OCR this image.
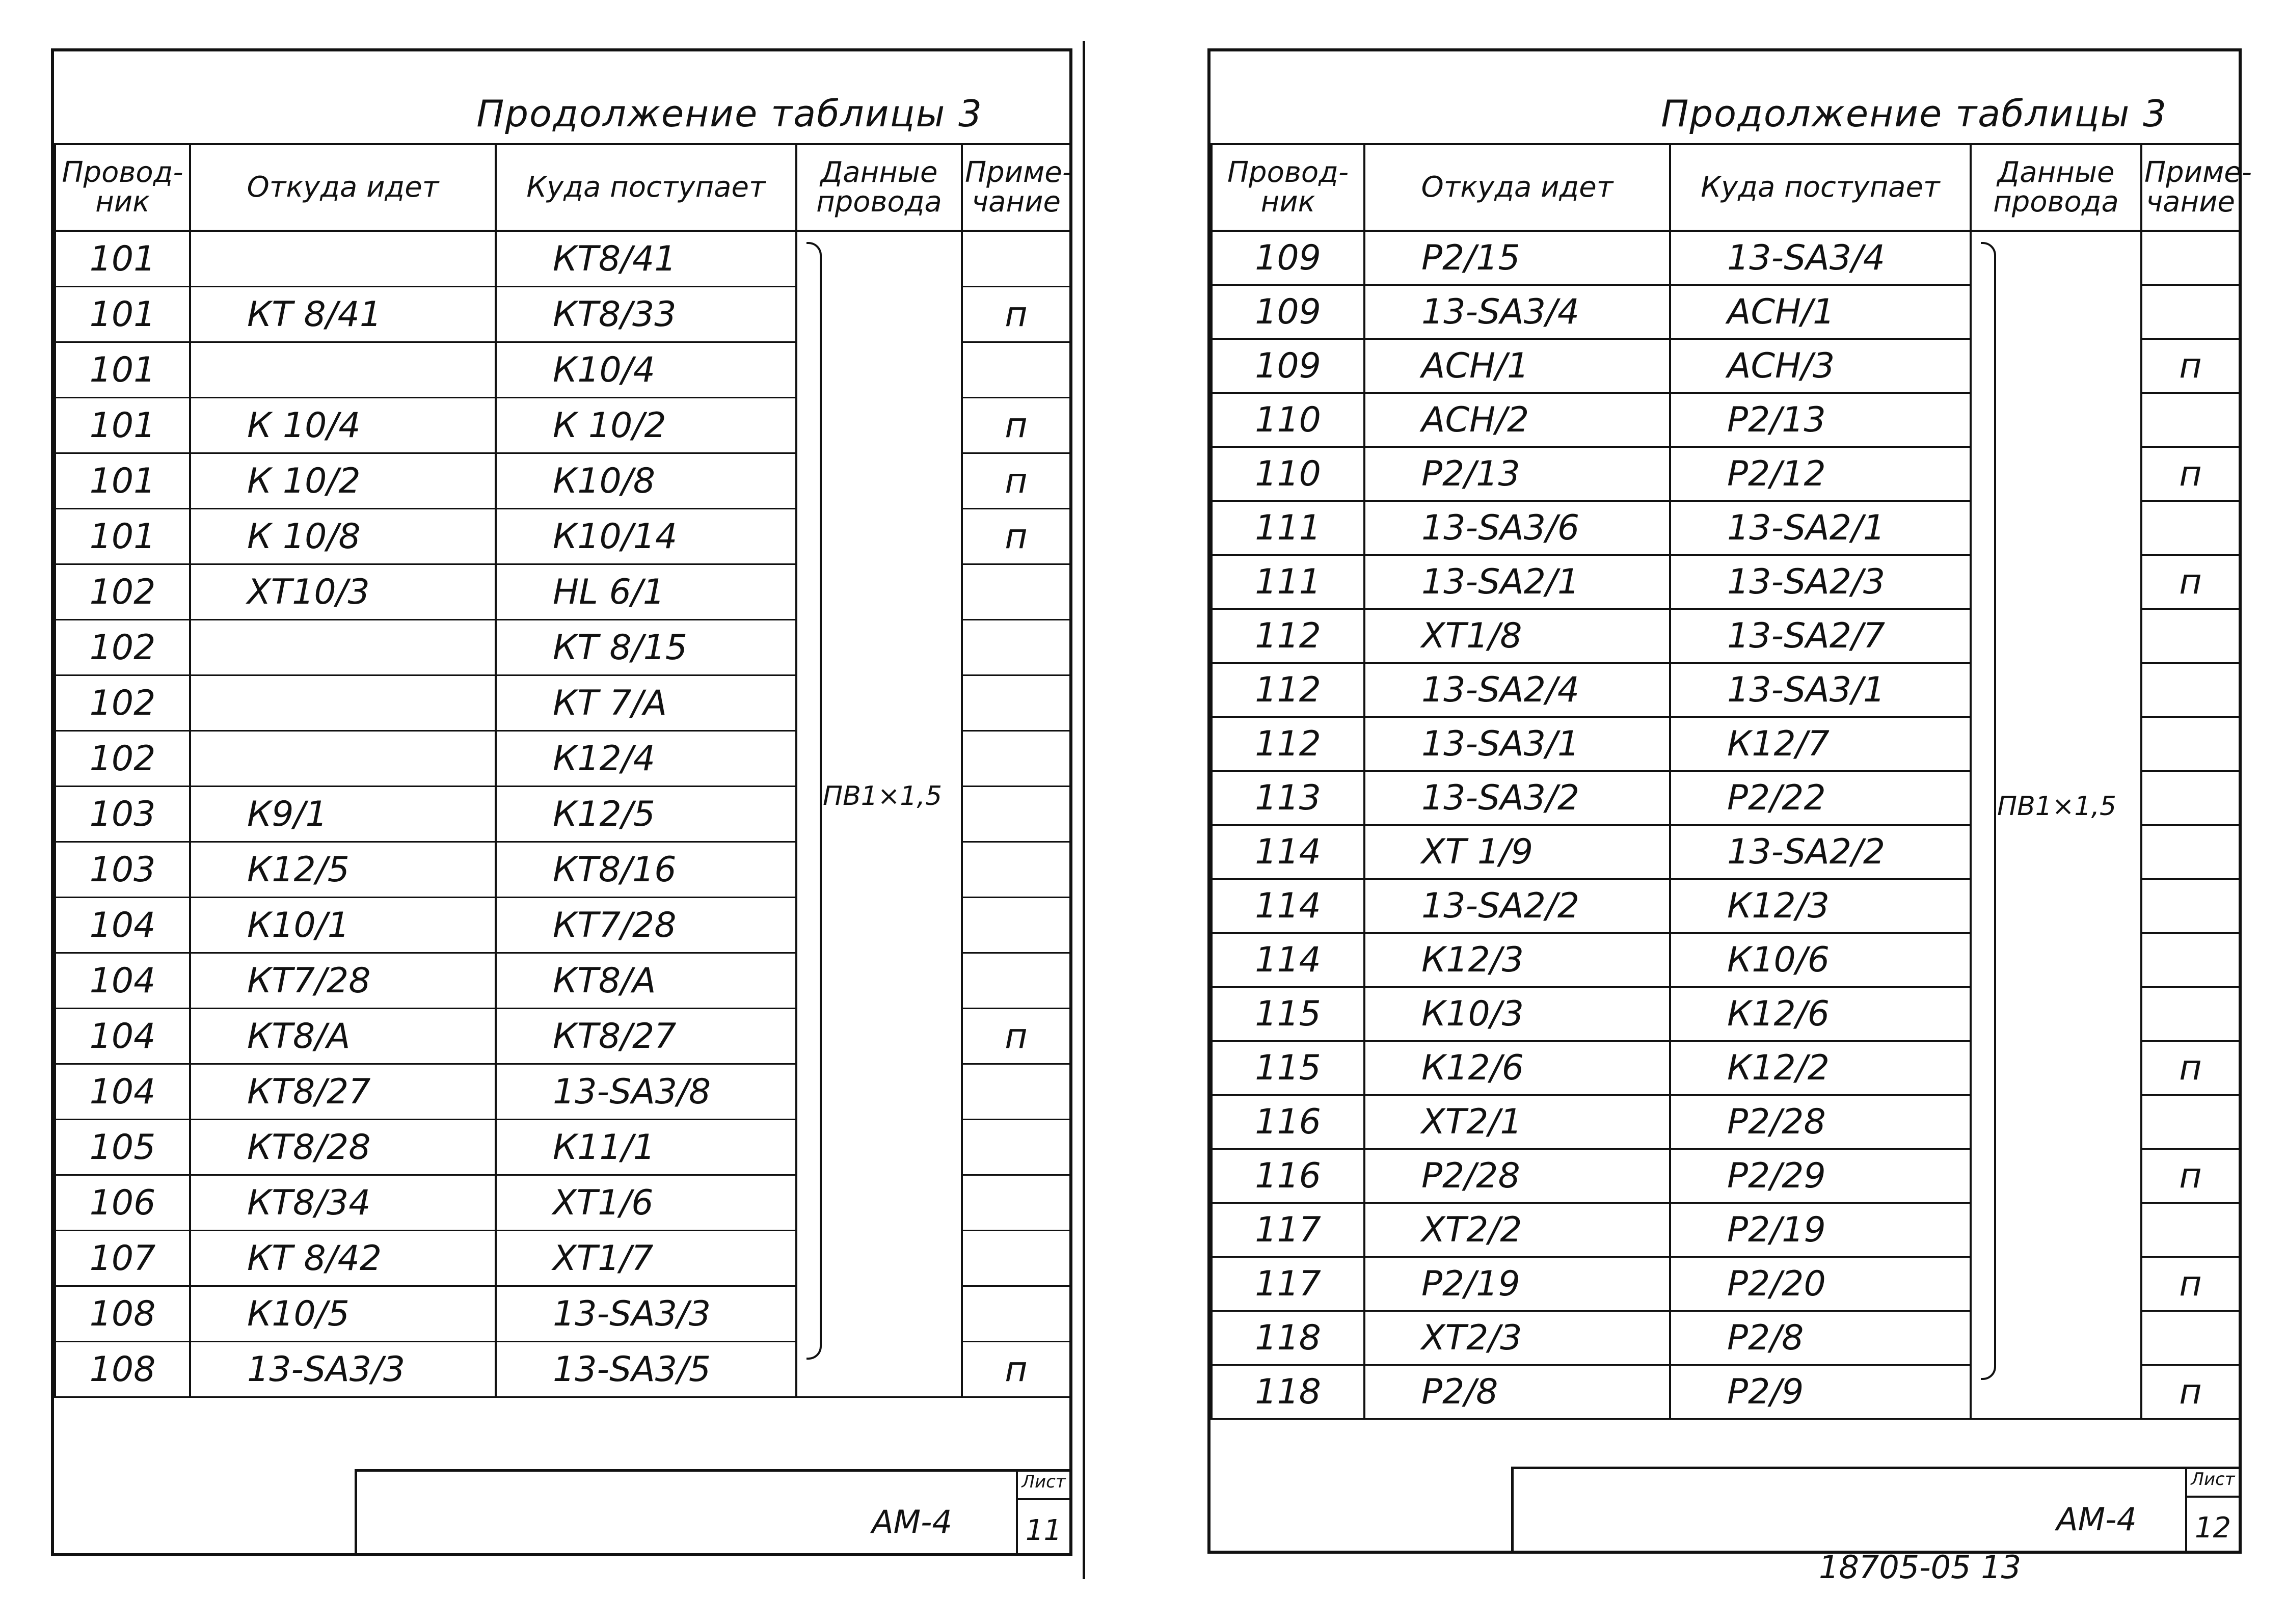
Продолжение таблицы 3
Провод-ник	Откуда идет	Куда поступает	Данные провода	Приме-чание
101		КТ8/41	ПВ1×1,5	

101	КТ 8/41	КТ8/33		п
101		К10/4		
101	К 10/4	К 10/2		п
101	К 10/2	К10/8		п
101	К 10/8	К10/14		п
102	ХТ10/3	HL 6/1		
102		КТ 8/15		
102		КТ 7/А		
102		К12/4		
103	К9/1	К12/5		
103	К12/5	КТ8/16		
104	К10/1	КТ7/28		
104	КТ7/28	КТ8/А		
104	КТ8/А	КТ8/27		п
104	КТ8/27	13-SA3/8		
105	КТ8/28	К11/1		
106	КТ8/34	ХТ1/6		
107	КТ 8/42	ХТ1/7		
108	К10/5	13-SA3/3		
108	13-SA3/3	13-SA3/5		п
АМ-4
Лист
11
Продолжение таблицы 3
Провод-ник	Откуда идет	Куда поступает	Данные провода	Приме-чание
109	Р2/15	13-SA3/4	ПВ1×1,5	

109	13-SA3/4	АСН/1		
109	АСН/1	АСН/3		п
110	АСН/2	Р2/13		
110	Р2/13	Р2/12		п
111	13-SA3/6	13-SA2/1		
111	13-SA2/1	13-SA2/3		п
112	ХТ1/8	13-SA2/7		
112	13-SA2/4	13-SA3/1		
112	13-SA3/1	К12/7		
113	13-SA3/2	Р2/22		
114	ХТ 1/9	13-SA2/2		
114	13-SA2/2	К12/3		
114	К12/3	К10/6		
115	К10/3	К12/6		
115	К12/6	К12/2		п
116	ХТ2/1	Р2/28		
116	Р2/28	Р2/29		п
117	ХТ2/2	Р2/19		
117	Р2/19	Р2/20		п
118	ХТ2/3	Р2/8		
118	Р2/8	Р2/9		п
АМ-4
Лист
12
18705-05 13
